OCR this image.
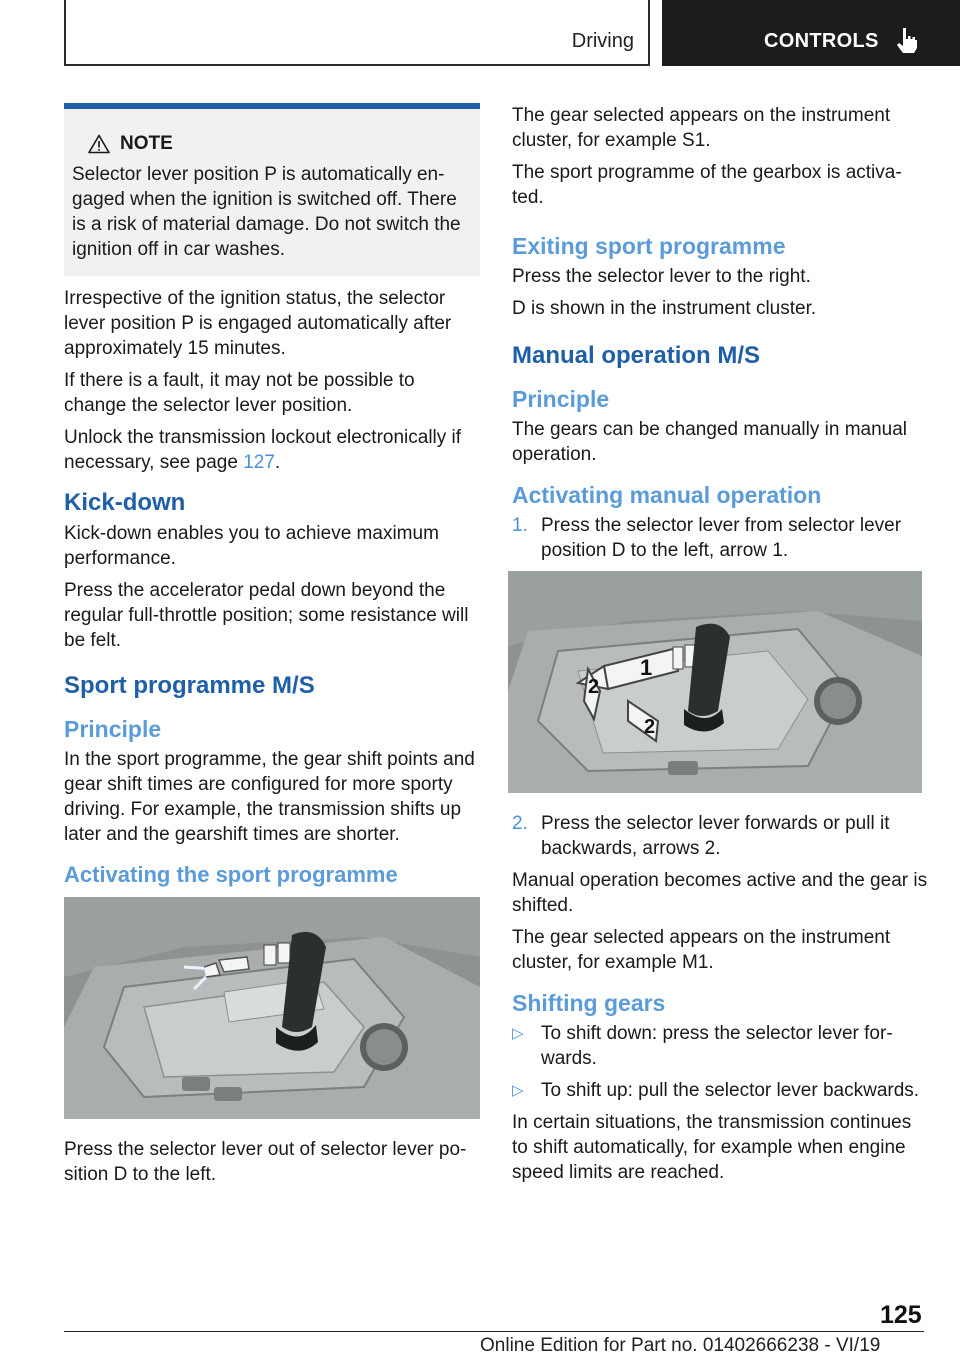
Driving	CONTROLS
NOTE

Selector lever position P is automatically en-gaged when the ignition is switched off. There is a risk of material damage. Do not switch the ignition off in car washes.

Irrespective of the ignition status, the selector lever position P is engaged automatically after approximately 15 minutes.

If there is a fault, it may not be possible to change the selector lever position.

Unlock the transmission lockout electronically if necessary, see page 127.

Kick-down

Kick-down enables you to achieve maximum performance.

Press the accelerator pedal down beyond the regular full-throttle position; some resistance will be felt.

Sport programme M/S
Principle

In the sport programme, the gear shift points and gear shift times are configured for more sporty driving. For example, the transmission shifts up later and the gearshift times are shorter.

Activating the sport programme

Press the selector lever out of selector lever po-sition D to the left.

The gear selected appears on the instrument cluster, for example S1.

The sport programme of the gearbox is activa-ted.

Exiting sport programme

Press the selector lever to the right.

D is shown in the instrument cluster.

Manual operation M/S
Principle

The gears can be changed manually in manual operation.

Activating manual operation
1. Press the selector lever from selector lever position D to the left, arrow 1.
1
2
2
2. Press the selector lever forwards or pull it backwards, arrows 2.

Manual operation becomes active and the gear is shifted.

The gear selected appears on the instrument cluster, for example M1.

Shifting gears
▷ To shift down: press the selector lever for-wards.
▷ To shift up: pull the selector lever backwards.

In certain situations, the transmission continues to shift automatically, for example when engine speed limits are reached.

125
Online Edition for Part no. 01402666238 - VI/19
